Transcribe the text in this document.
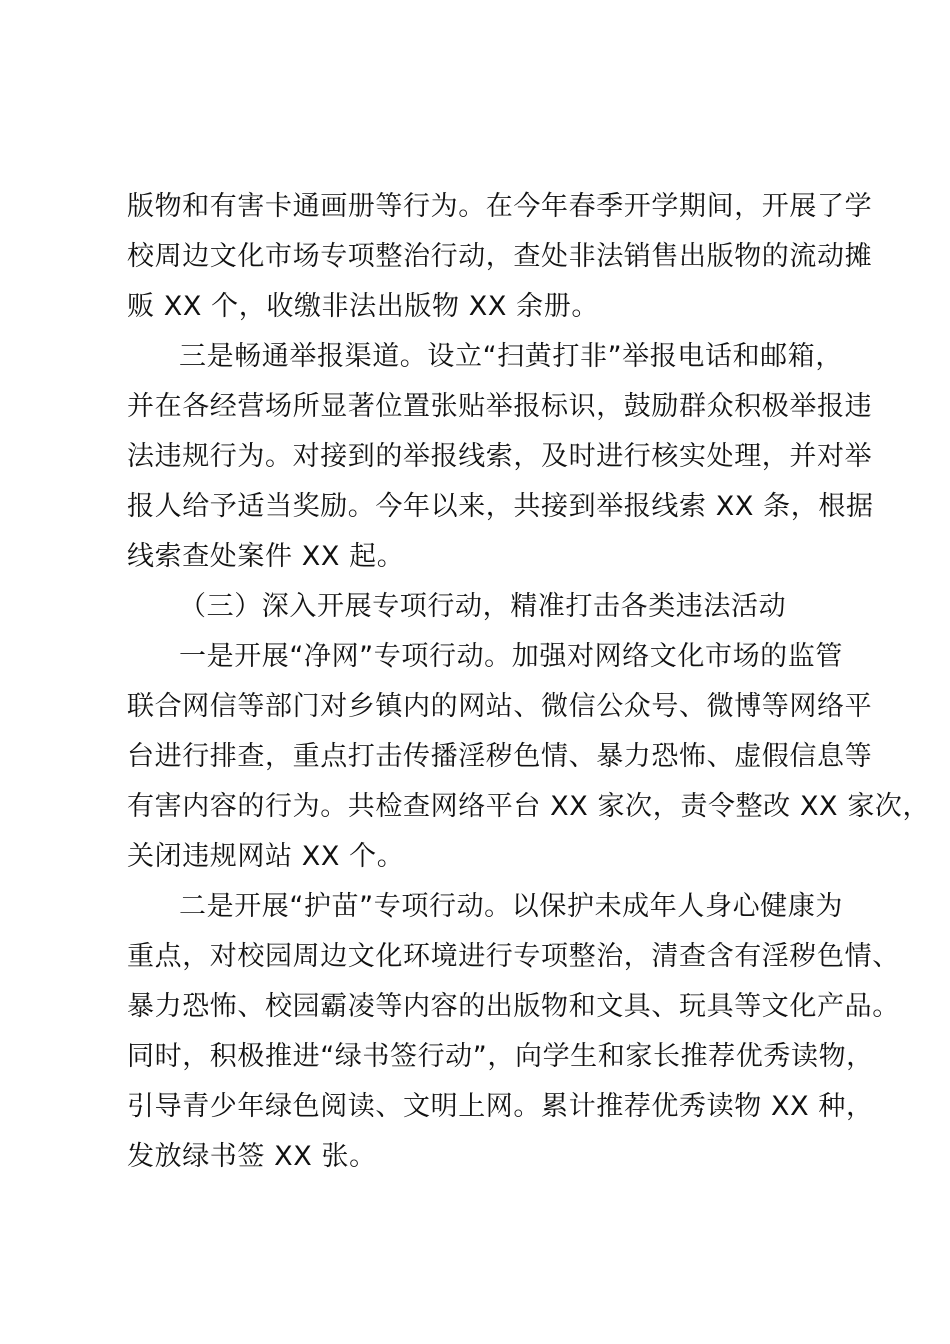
版物和有害卡通画册等行为。在今年春季开学期间，开展了学
校周边文化市场专项整治行动，查处非法销售出版物的流动摊
贩 XX 个，收缴非法出版物 XX 余册。
三是畅通举报渠道。设立“扫黄打非”举报电话和邮箱，
并在各经营场所显著位置张贴举报标识，鼓励群众积极举报违
法违规行为。对接到的举报线索，及时进行核实处理，并对举
报人给予适当奖励。今年以来，共接到举报线索 XX 条，根据
线索查处案件 XX 起。
（三）深入开展专项行动，精准打击各类违法活动
一是开展“净网”专项行动。加强对网络文化市场的监管
联合网信等部门对乡镇内的网站、微信公众号、微博等网络平
台进行排查，重点打击传播淫秽色情、暴力恐怖、虚假信息等
有害内容的行为。共检查网络平台 XX 家次，责令整改 XX 家次，
关闭违规网站 XX 个。
二是开展“护苗”专项行动。以保护未成年人身心健康为
重点，对校园周边文化环境进行专项整治，清查含有淫秽色情、
暴力恐怖、校园霸凌等内容的出版物和文具、玩具等文化产品。
同时，积极推进“绿书签行动”，向学生和家长推荐优秀读物，
引导青少年绿色阅读、文明上网。累计推荐优秀读物 XX 种，
发放绿书签 XX 张。
